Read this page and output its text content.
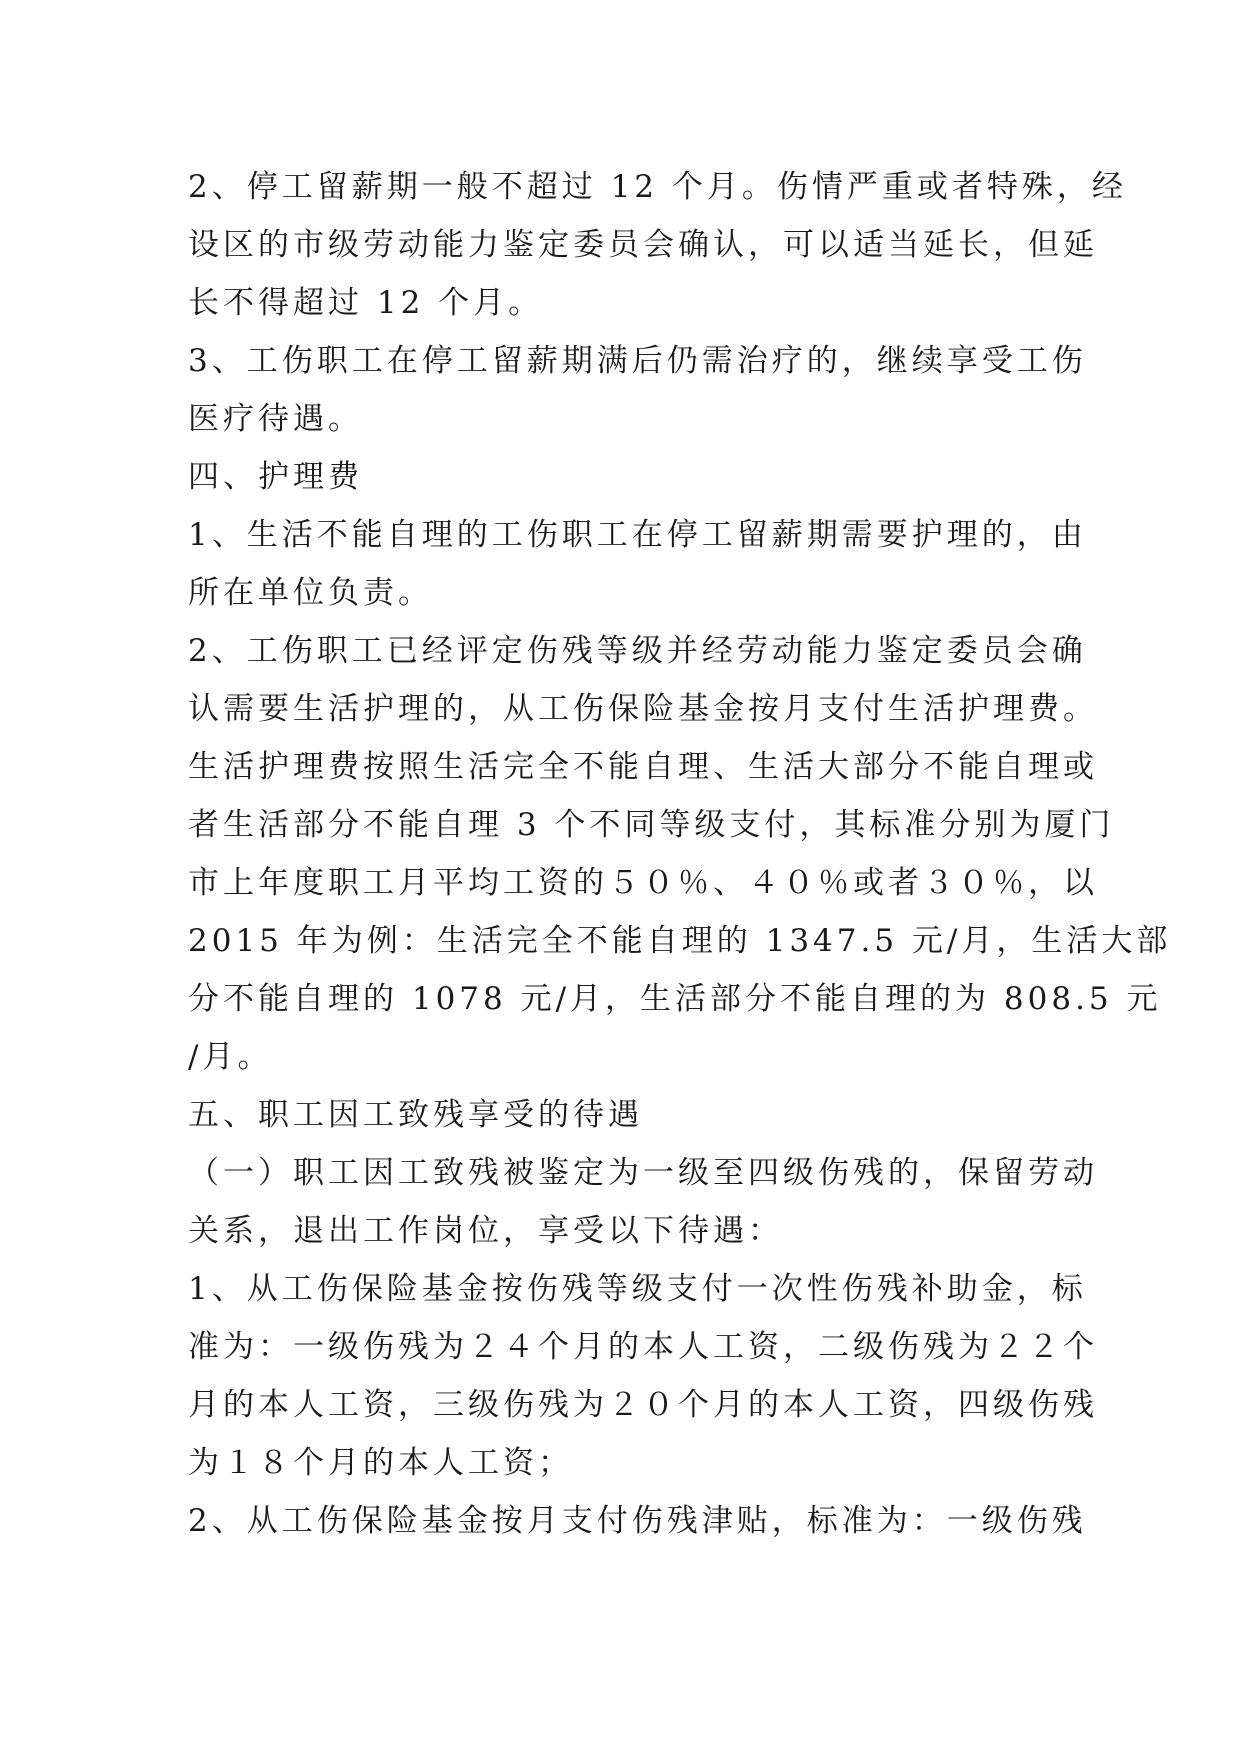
2、停工留薪期一般不超过 12 个月。伤情严重或者特殊，经
设区的市级劳动能力鉴定委员会确认，可以适当延长，但延
长不得超过 12 个月。
3、工伤职工在停工留薪期满后仍需治疗的，继续享受工伤
医疗待遇。
四、护理费
1、生活不能自理的工伤职工在停工留薪期需要护理的，由
所在单位负责。
2、工伤职工已经评定伤残等级并经劳动能力鉴定委员会确
认需要生活护理的，从工伤保险基金按月支付生活护理费。
生活护理费按照生活完全不能自理、生活大部分不能自理或
者生活部分不能自理 3 个不同等级支付，其标准分别为厦门
市上年度职工月平均工资的５０％、４０％或者３０％，以
2015 年为例：生活完全不能自理的 1347.5 元/月，生活大部
分不能自理的 1078 元/月，生活部分不能自理的为 808.5 元
/月。
五、职工因工致残享受的待遇
（一）职工因工致残被鉴定为一级至四级伤残的，保留劳动
关系，退出工作岗位，享受以下待遇：
1、从工伤保险基金按伤残等级支付一次性伤残补助金，标
准为：一级伤残为２４个月的本人工资，二级伤残为２２个
月的本人工资，三级伤残为２０个月的本人工资，四级伤残
为１８个月的本人工资；
2、从工伤保险基金按月支付伤残津贴，标准为：一级伤残
